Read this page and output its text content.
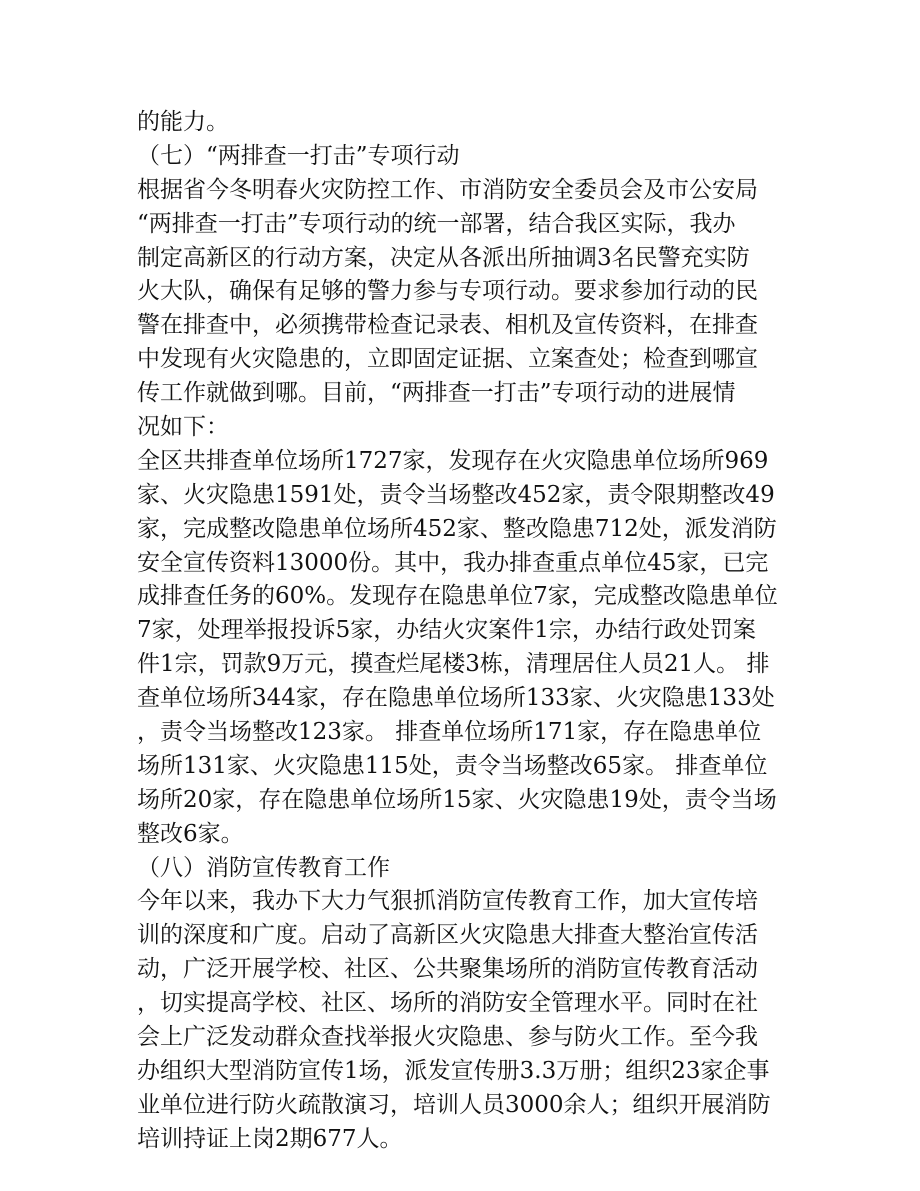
的能力。
（七）“两排查一打击”专项行动
根据省今冬明春火灾防控工作、市消防安全委员会及市公安局
“两排查一打击”专项行动的统一部署，结合我区实际，我办
制定高新区的行动方案，决定从各派出所抽调3名民警充实防
火大队，确保有足够的警力参与专项行动。要求参加行动的民
警在排查中，必须携带检查记录表、相机及宣传资料，在排查
中发现有火灾隐患的，立即固定证据、立案查处；检查到哪宣
传工作就做到哪。目前，“两排查一打击”专项行动的进展情
况如下：
全区共排查单位场所1727家，发现存在火灾隐患单位场所969
家、火灾隐患1591处，责令当场整改452家，责令限期整改49
家，完成整改隐患单位场所452家、整改隐患712处，派发消防
安全宣传资料13000份。其中，我办排查重点单位45家，已完
成排查任务的60%。发现存在隐患单位7家，完成整改隐患单位
7家，处理举报投诉5家，办结火灾案件1宗，办结行政处罚案
件1宗，罚款9万元，摸查烂尾楼3栋，清理居住人员21人。 排
查单位场所344家，存在隐患单位场所133家、火灾隐患133处
，责令当场整改123家。 排查单位场所171家，存在隐患单位
场所131家、火灾隐患115处，责令当场整改65家。 排查单位
场所20家，存在隐患单位场所15家、火灾隐患19处，责令当场
整改6家。
（八）消防宣传教育工作
今年以来，我办下大力气狠抓消防宣传教育工作，加大宣传培
训的深度和广度。启动了高新区火灾隐患大排查大整治宣传活
动，广泛开展学校、社区、公共聚集场所的消防宣传教育活动
，切实提高学校、社区、场所的消防安全管理水平。同时在社
会上广泛发动群众查找举报火灾隐患、参与防火工作。至今我
办组织大型消防宣传1场，派发宣传册3.3万册；组织23家企事
业单位进行防火疏散演习，培训人员3000余人；组织开展消防
培训持证上岗2期677人。
